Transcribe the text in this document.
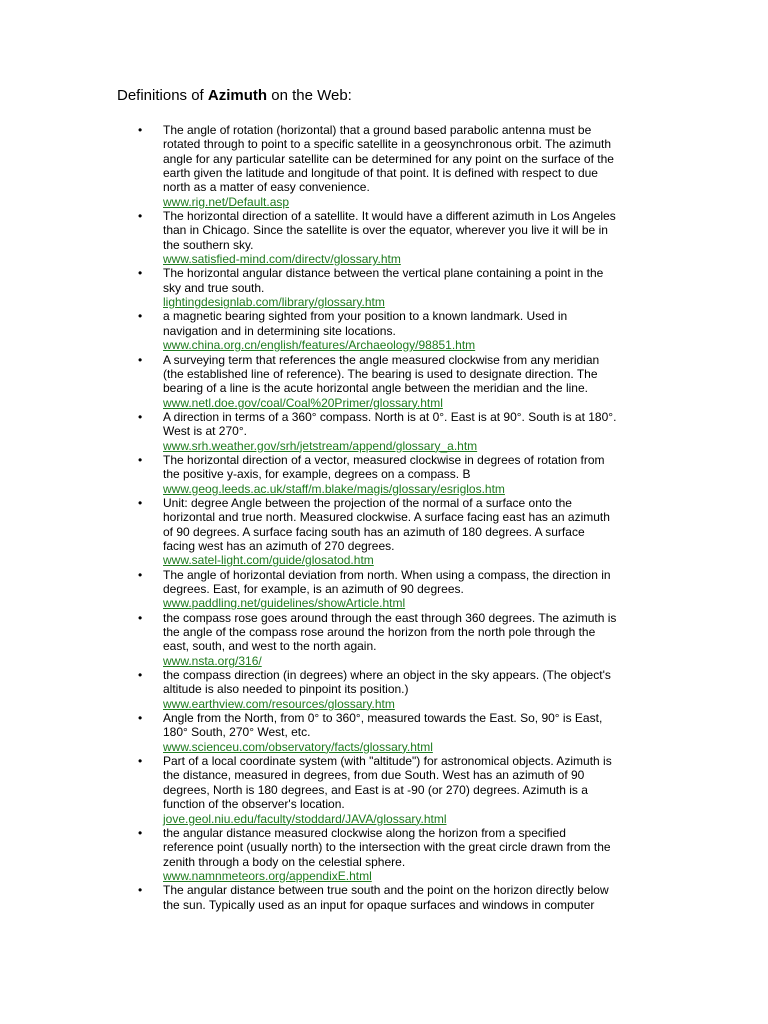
Definitions of Azimuth on the Web:
•	The angle of rotation (horizontal) that a ground based parabolic antenna must be
rotated through to point to a specific satellite in a geosynchronous orbit. The azimuth
angle for any particular satellite can be determined for any point on the surface of the
earth given the latitude and longitude of that point. It is defined with respect to due
north as a matter of easy convenience.
www.rig.net/Default.asp
•	The horizontal direction of a satellite. It would have a different azimuth in Los Angeles
than in Chicago. Since the satellite is over the equator, wherever you live it will be in
the southern sky.
www.satisfied-mind.com/directv/glossary.htm
•	The horizontal angular distance between the vertical plane containing a point in the
sky and true south.
lightingdesignlab.com/library/glossary.htm
•	a magnetic bearing sighted from your position to a known landmark. Used in
navigation and in determining site locations.
www.china.org.cn/english/features/Archaeology/98851.htm
•	A surveying term that references the angle measured clockwise from any meridian
(the established line of reference). The bearing is used to designate direction. The
bearing of a line is the acute horizontal angle between the meridian and the line.
www.netl.doe.gov/coal/Coal%20Primer/glossary.html
•	A direction in terms of a 360° compass. North is at 0°. East is at 90°. South is at 180°.
West is at 270°.
www.srh.weather.gov/srh/jetstream/append/glossary_a.htm
•	The horizontal direction of a vector, measured clockwise in degrees of rotation from
the positive y-axis, for example, degrees on a compass. B
www.geog.leeds.ac.uk/staff/m.blake/magis/glossary/esriglos.htm
•	Unit: degree Angle between the projection of the normal of a surface onto the
horizontal and true north. Measured clockwise. A surface facing east has an azimuth
of 90 degrees. A surface facing south has an azimuth of 180 degrees. A surface
facing west has an azimuth of 270 degrees.
www.satel-light.com/guide/glosatod.htm
•	The angle of horizontal deviation from north. When using a compass, the direction in
degrees. East, for example, is an azimuth of 90 degrees.
www.paddling.net/guidelines/showArticle.html
•	the compass rose goes around through the east through 360 degrees. The azimuth is
the angle of the compass rose around the horizon from the north pole through the
east, south, and west to the north again.
www.nsta.org/316/
•	the compass direction (in degrees) where an object in the sky appears. (The object's
altitude is also needed to pinpoint its position.)
www.earthview.com/resources/glossary.htm
•	Angle from the North, from 0° to 360°, measured towards the East. So, 90° is East,
180° South, 270° West, etc.
www.scienceu.com/observatory/facts/glossary.html
•	Part of a local coordinate system (with "altitude") for astronomical objects. Azimuth is
the distance, measured in degrees, from due South. West has an azimuth of 90
degrees, North is 180 degrees, and East is at -90 (or 270) degrees. Azimuth is a
function of the observer's location.
jove.geol.niu.edu/faculty/stoddard/JAVA/glossary.html
•	the angular distance measured clockwise along the horizon from a specified
reference point (usually north) to the intersection with the great circle drawn from the
zenith through a body on the celestial sphere.
www.namnmeteors.org/appendixE.html
•	The angular distance between true south and the point on the horizon directly below
the sun. Typically used as an input for opaque surfaces and windows in computer
